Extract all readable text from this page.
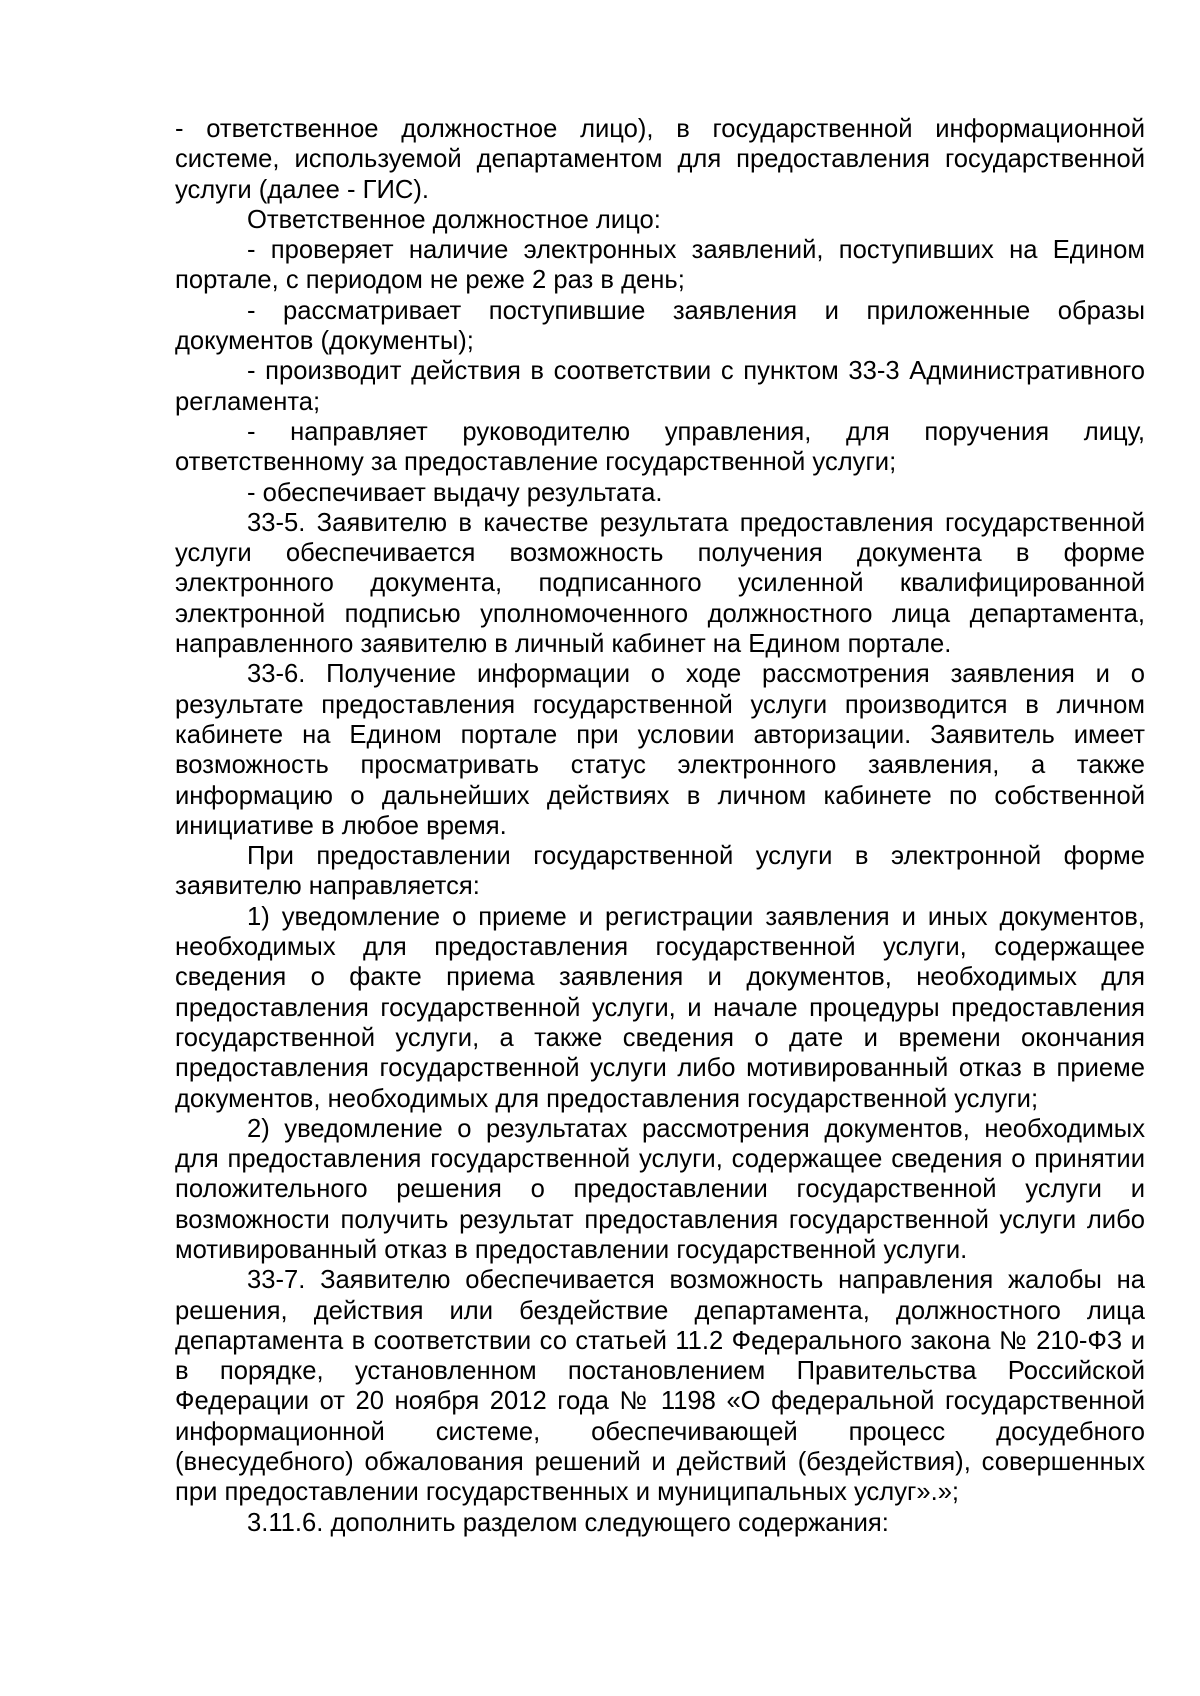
- ответственное должностное лицо), в государственной информационной системе, используемой департаментом для предоставления государственной услуги (далее - ГИС).

Ответственное должностное лицо:

- проверяет наличие электронных заявлений, поступивших на Едином портале, с периодом не реже 2 раз в день;

- рассматривает поступившие заявления и приложенные образы документов (документы);

- производит действия в соответствии с пунктом 33-3 Административного регламента;

- направляет руководителю управления, для поручения лицу, ответственному за предоставление государственной услуги;

- обеспечивает выдачу результата.

33-5. Заявителю в качестве результата предоставления государственной услуги обеспечивается возможность получения документа в форме электронного документа, подписанного усиленной квалифицированной электронной подписью уполномоченного должностного лица департамента, направленного заявителю в личный кабинет на Едином портале.

33-6. Получение информации о ходе рассмотрения заявления и о результате предоставления государственной услуги производится в личном кабинете на Едином портале при условии авторизации. Заявитель имеет возможность просматривать статус электронного заявления, а также информацию о дальнейших действиях в личном кабинете по собственной инициативе в любое время.

При предоставлении государственной услуги в электронной форме заявителю направляется:

1) уведомление о приеме и регистрации заявления и иных документов, необходимых для предоставления государственной услуги, содержащее сведения о факте приема заявления и документов, необходимых для предоставления государственной услуги, и начале процедуры предоставления государственной услуги, а также сведения о дате и времени окончания предоставления государственной услуги либо мотивированный отказ в приеме документов, необходимых для предоставления государственной услуги;

2) уведомление о результатах рассмотрения документов, необходимых для предоставления государственной услуги, содержащее сведения о принятии положительного решения о предоставлении государственной услуги и возможности получить результат предоставления государственной услуги либо мотивированный отказ в предоставлении государственной услуги.

33-7. Заявителю обеспечивается возможность направления жалобы на решения, действия или бездействие департамента, должностного лица департамента в соответствии со статьей 11.2 Федерального закона № 210-ФЗ и в порядке, установленном постановлением Правительства Российской Федерации от 20 ноября 2012 года № 1198 «О федеральной государственной информационной системе, обеспечивающей процесс досудебного (внесудебного) обжалования решений и действий (бездействия), совершенных при предоставлении государственных и муниципальных услуг».»;

3.11.6. дополнить разделом следующего содержания:
